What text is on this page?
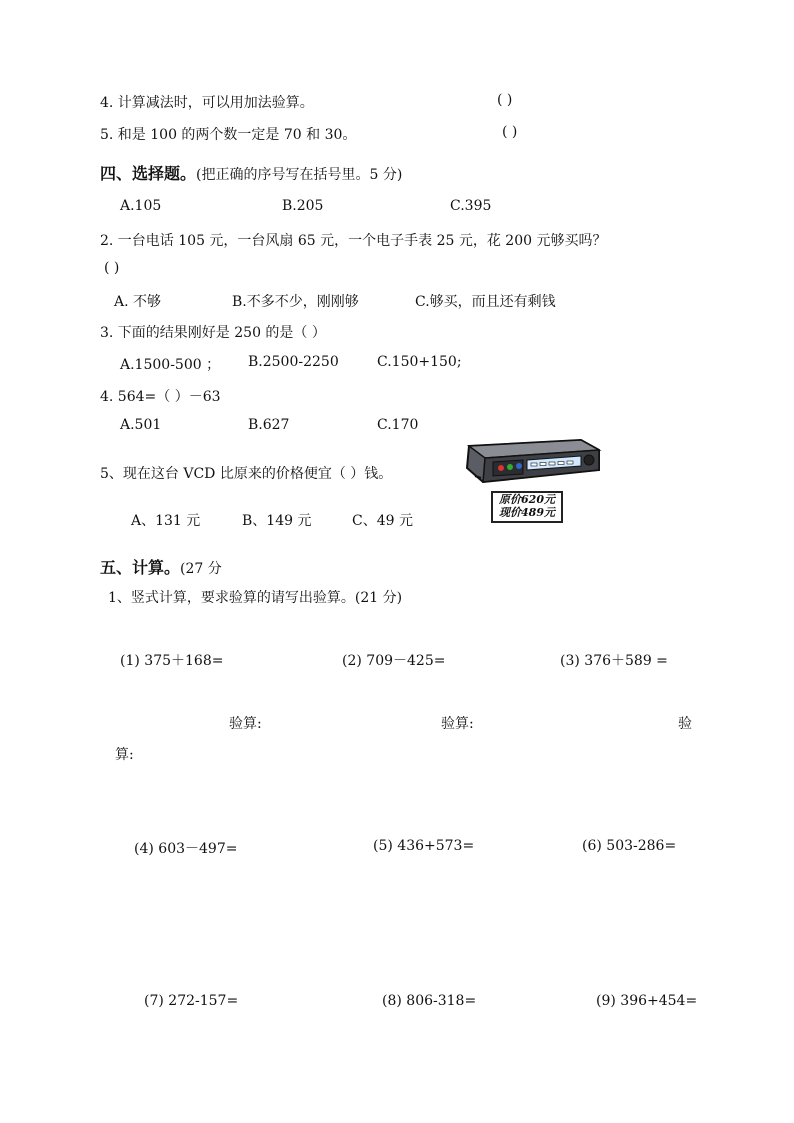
4. 计算减法时，可以用加法验算。	( )
5. 和是 100 的两个数一定是 70 和 30。	( )
四、选择题。(把正确的序号写在括号里。5 分)
A.105	B.205	C.395
2. 一台电话 105 元，一台风扇 65 元，一个电子手表 25 元，花 200 元够买吗？
( )
A. 不够	B.不多不少，刚刚够	C.够买，而且还有剩钱
3. 下面的结果刚好是 250 的是（ ）
A.1500-500 ； B.2500-2250	C.150+150;
4. 564=（ ）－63
A.501	B.627	C.170
5、现在这台 VCD 比原来的价格便宜（ ）钱。
A、131 元	B、149 元	C、49 元
原价620元
现价489元
五、计算。(27 分
1、竖式计算，要求验算的请写出验算。(21 分)
(1) 375＋168=	(2) 709－425=	(3) 376＋589 =
验算:	验算:	验
算:
(4) 603－497=	(5) 436+573=	(6) 503-286=
(7) 272-157=	(8) 806-318=	(9) 396+454=
